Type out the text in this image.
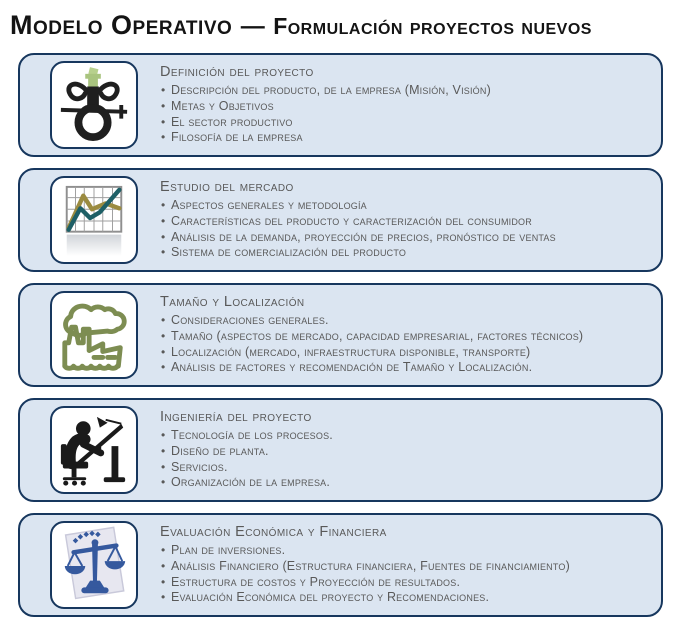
Modelo Operativo — Formulación proyectos nuevos
Definición del proyecto
• Descripción del producto, de la empresa (Misión, Visión)
• Metas y Objetivos
• El sector productivo
• Filosofía de la empresa
Estudio del mercado
• Aspectos generales y metodología
• Características del producto y caracterización del consumidor
• Análisis de la demanda, proyección de precios, pronóstico de ventas
• Sistema de comercialización del producto
Tamaño y Localización
• Consideraciones generales.
• Tamaño (aspectos de mercado, capacidad empresarial, factores técnicos)
• Localización (mercado, infraestructura disponible, transporte)
• Análisis de factores y recomendación de Tamaño y Localización.
Ingeniería del proyecto
• Tecnología de los procesos.
• Diseño de planta.
• Servicios.
• Organización de la empresa.
Evaluación Económica y Financiera
• Plan de inversiones.
• Análisis Financiero (Estructura financiera, Fuentes de financiamiento)
• Estructura de costos y Proyección de resultados.
• Evaluación Económica del proyecto y Recomendaciones.
